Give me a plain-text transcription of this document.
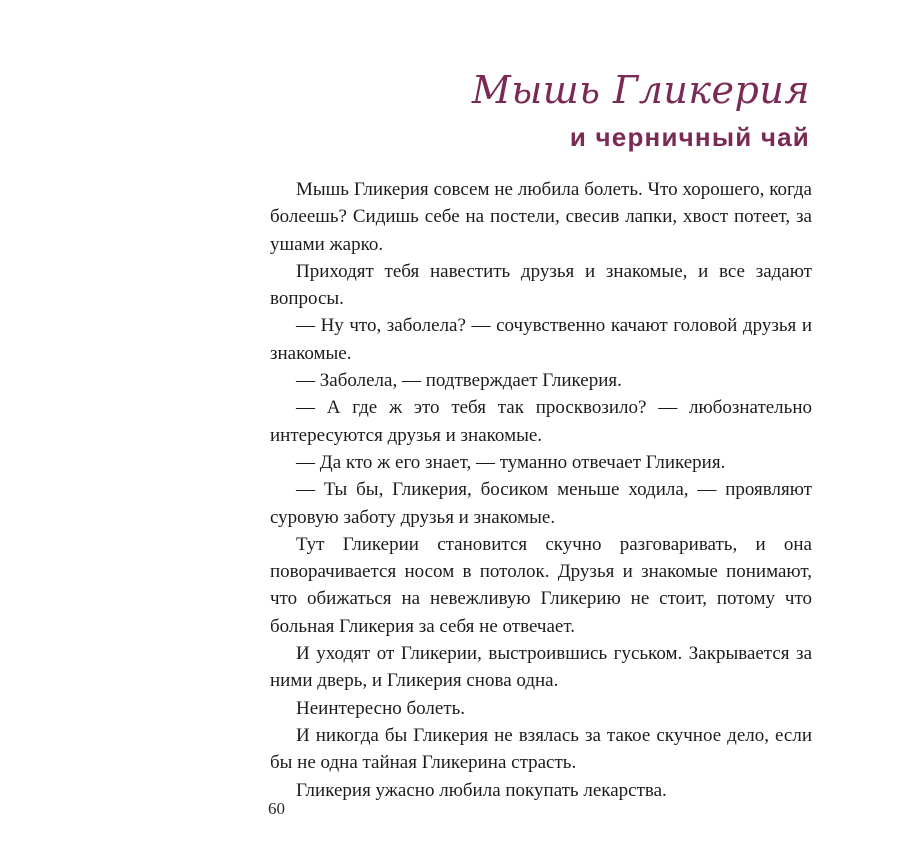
Мышь Гликерия
и черничный чай

Мышь Гликерия совсем не любила болеть. Что хорошего, когда болеешь? Сидишь себе на постели, свесив лапки, хвост потеет, за ушами жарко.

Приходят тебя навестить друзья и знакомые, и все задают вопросы.

— Ну что, заболела? — сочувственно качают головой друзья и знакомые.

— Заболела, — подтверждает Гликерия.

— А где ж это тебя так просквозило? — любознательно интересуются друзья и знакомые.

— Да кто ж его знает, — туманно отвечает Гликерия.

— Ты бы, Гликерия, босиком меньше ходила, — проявляют суровую заботу друзья и знакомые.

Тут Гликерии становится скучно разговаривать, и она поворачивается носом в потолок. Друзья и знакомые понимают, что обижаться на невежливую Гликерию не стоит, потому что больная Гликерия за себя не отвечает.

И уходят от Гликерии, выстроившись гуськом. Закрывается за ними дверь, и Гликерия снова одна.

Неинтересно болеть.

И никогда бы Гликерия не взялась за такое скучное дело, если бы не одна тайная Гликерина страсть.

Гликерия ужасно любила покупать лекарства.

60
